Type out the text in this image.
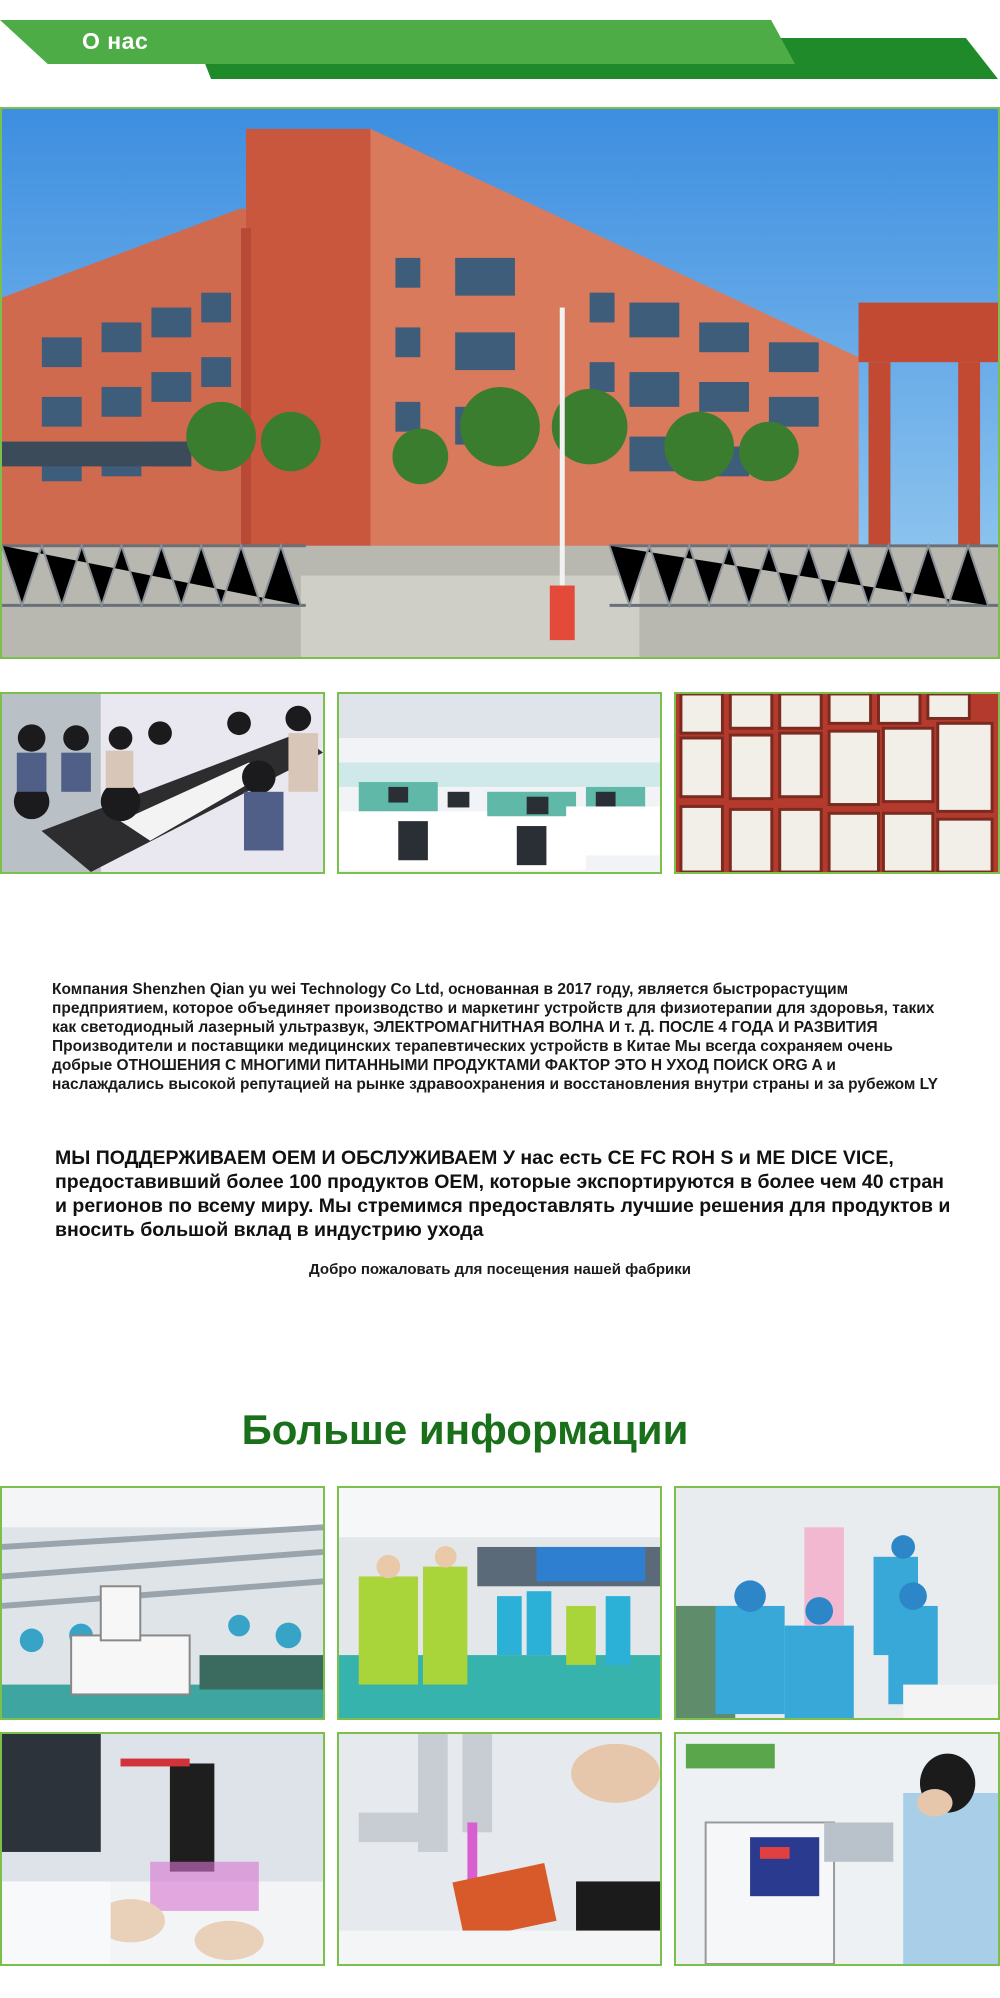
О нас
Компания Shenzhen Qian yu wei Technology Co Ltd, основанная в 2017 году, является быстрорастущим предприятием, которое объединяет производство и маркетинг устройств для физиотерапии для здоровья, таких как светодиодный лазерный ультразвук, ЭЛЕКТРОМАГНИТНАЯ ВОЛНА И т. Д. ПОСЛЕ 4 ГОДА И РАЗВИТИЯ Производители и поставщики медицинских терапевтических устройств в Китае Мы всегда сохраняем очень добрые ОТНОШЕНИЯ С МНОГИМИ ПИТАННЫМИ ПРОДУКТАМИ ФАКТОР ЭТО Н УХОД ПОИСК ORG A и наслаждались высокой репутацией на рынке здравоохранения и восстановления внутри страны и за рубежом LY
МЫ ПОДДЕРЖИВАЕМ OEM И ОБСЛУЖИВАЕМ У нас есть CE FC ROH S и ME DICE VICE, предоставивший более 100 продуктов OEM, которые экспортируются в более чем 40 стран и регионов по всему миру. Мы стремимся предоставлять лучшие решения для продуктов и вносить большой вклад в индустрию ухода
Добро пожаловать для посещения нашей фабрики
Больше информации
